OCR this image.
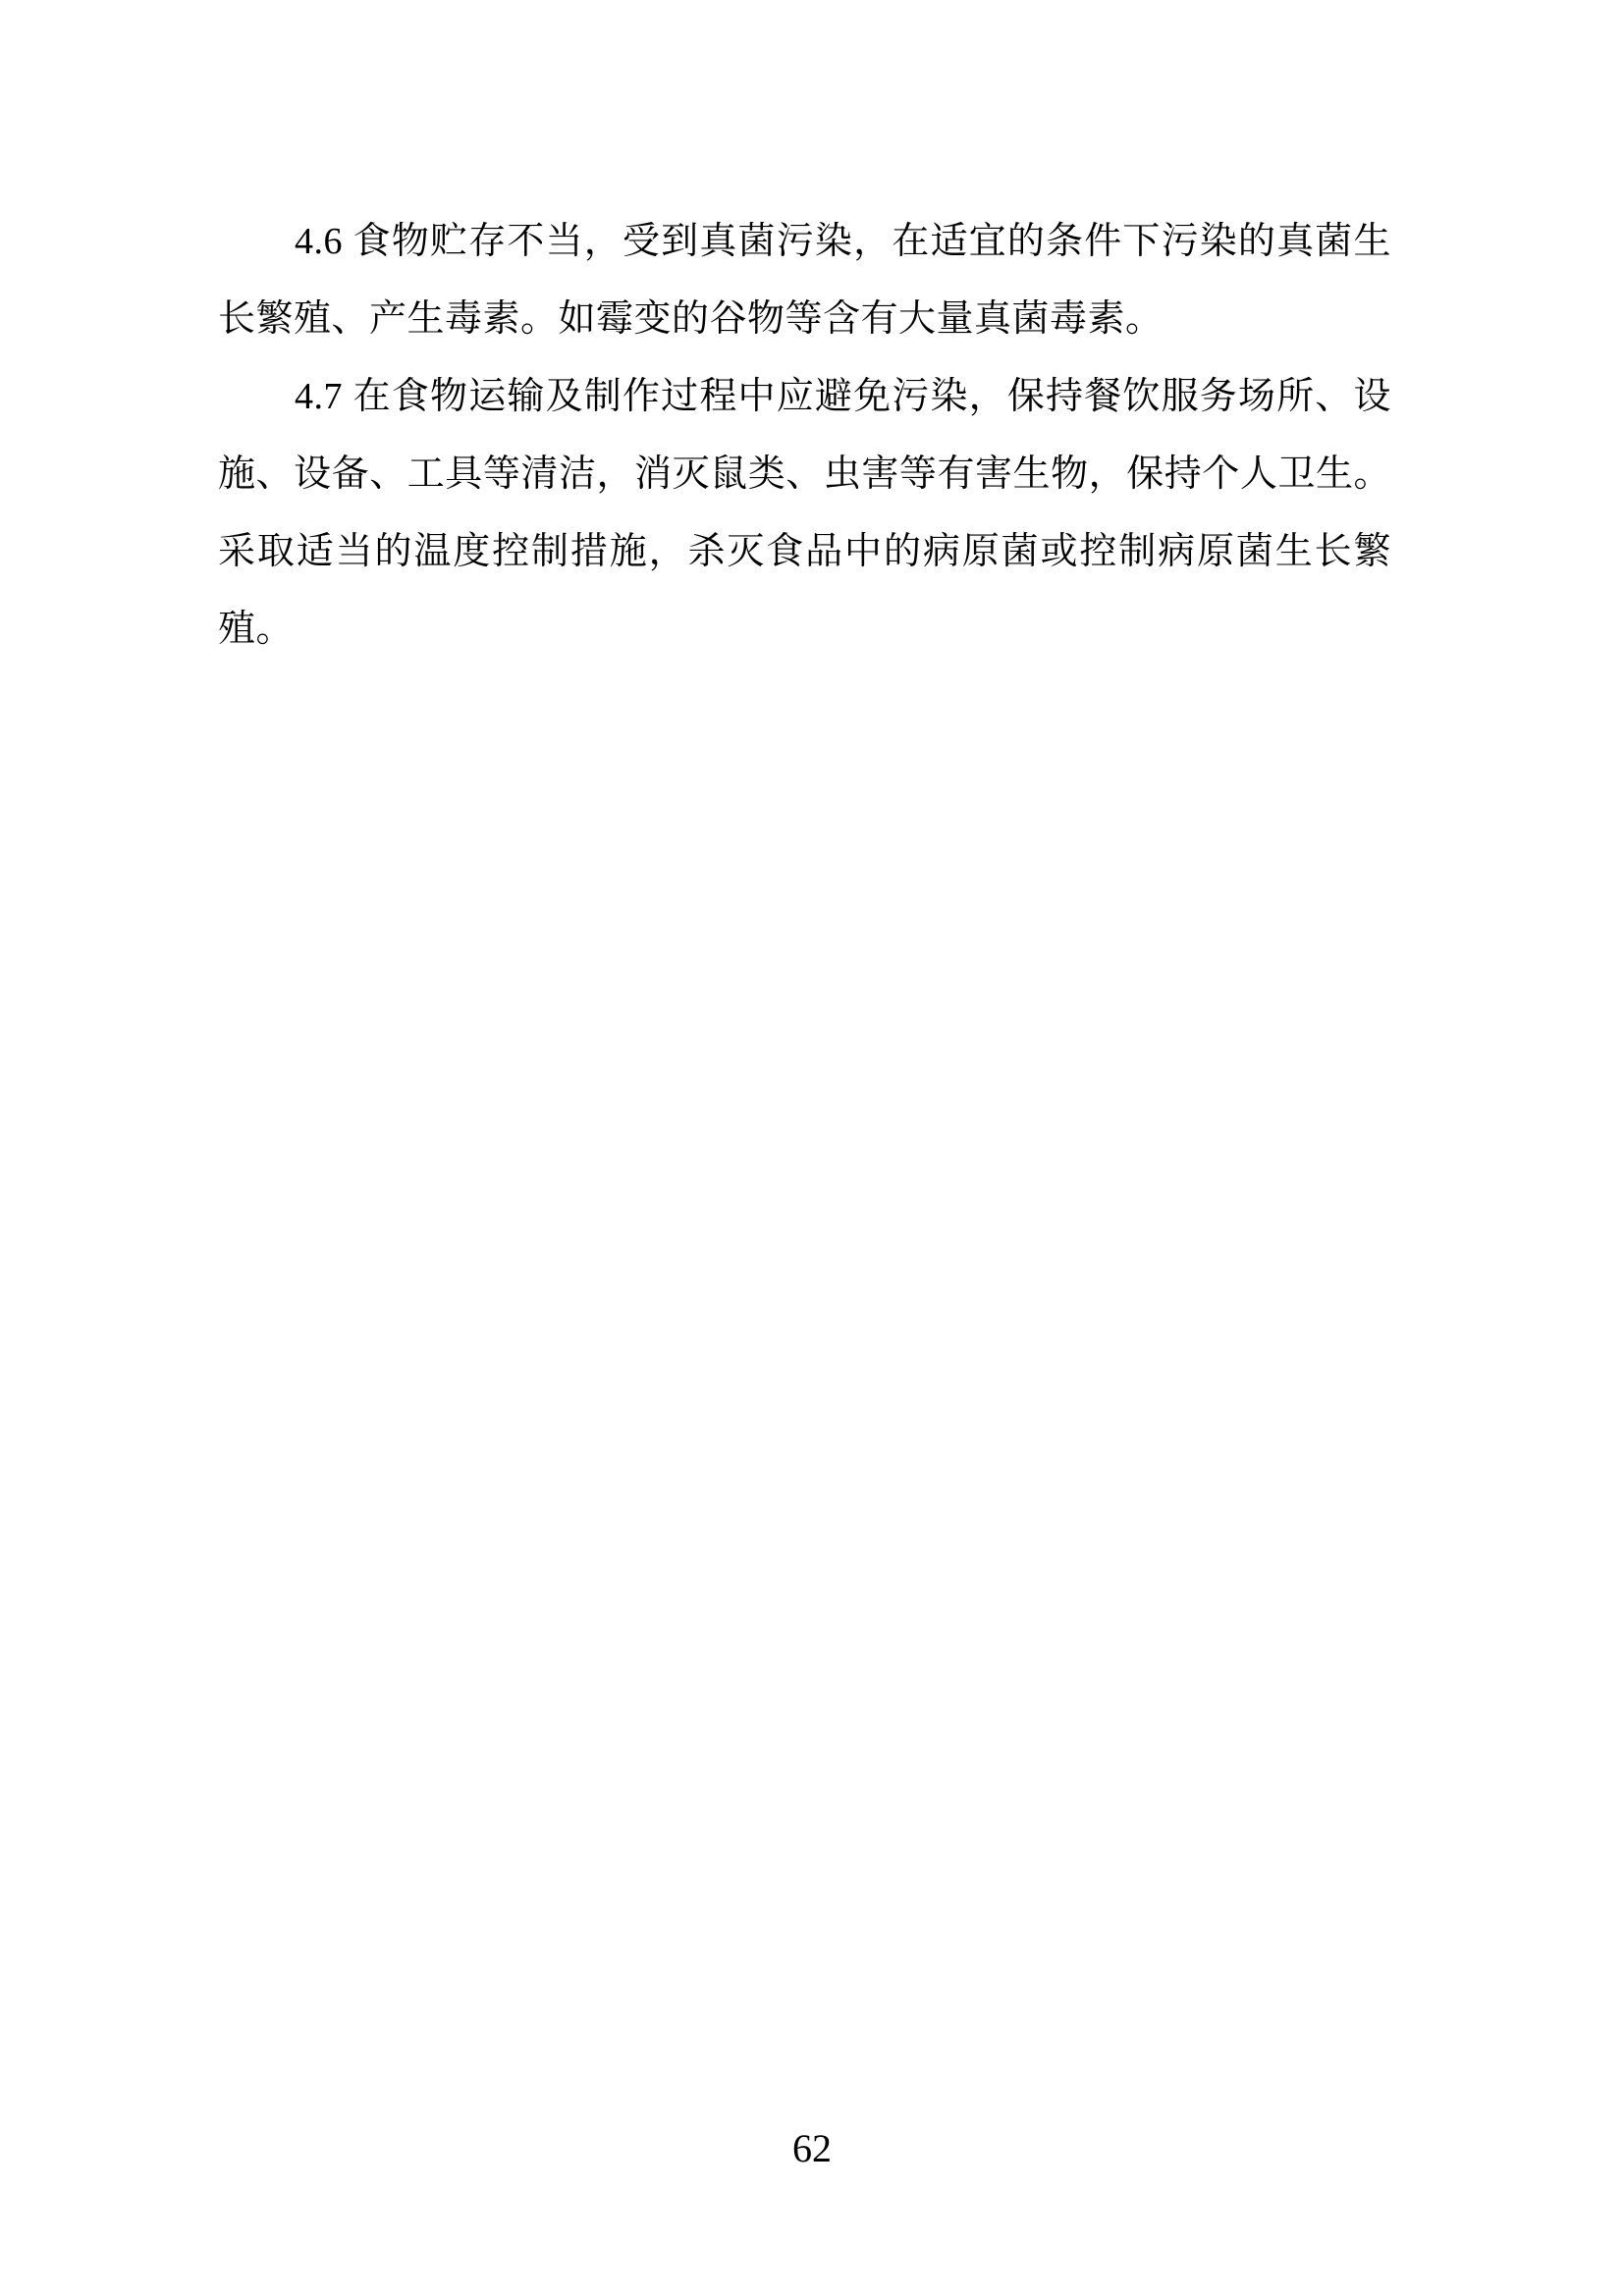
4.6 食物贮存不当，受到真菌污染，在适宜的条件下污染的真菌生
长繁殖、产生毒素。如霉变的谷物等含有大量真菌毒素。
4.7 在食物运输及制作过程中应避免污染，保持餐饮服务场所、设
施、设备、工具等清洁，消灭鼠类、虫害等有害生物，保持个人卫生。
采取适当的温度控制措施，杀灭食品中的病原菌或控制病原菌生长繁
殖。
62
